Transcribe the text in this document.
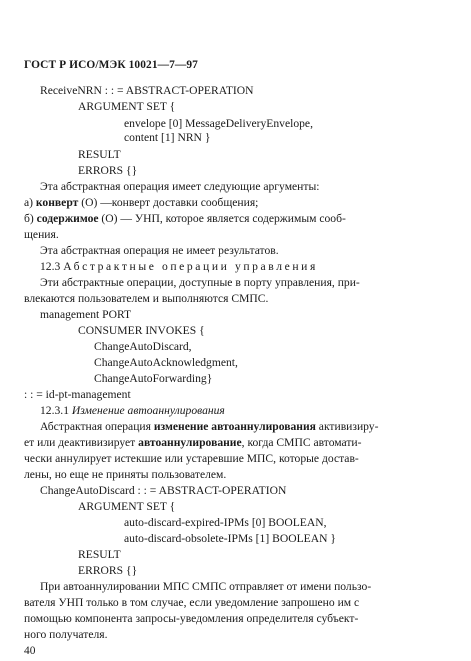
ГОСТ Р ИСО/МЭК 10021—7—97
ReceiveNRN : : = ABSTRACT-OPERATION
ARGUMENT SET {
envelope [0] MessageDeliveryEnvelope,
content [1] NRN }
RESULT
ERRORS {}
Эта абстрактная операция имеет следующие аргументы:
а) конверт (О) —конверт доставки сообщения;
б) содержимое (О) — УНП, которое является содержимым сооб-
щения.
Эта абстрактная операция не имеет результатов.
12.3 Абстрактные операции управления
Эти абстрактные операции, доступные в порту управления, при-
влекаются пользователем и выполняются СМПС.
management PORT
CONSUMER INVOKES {
ChangeAutoDiscard,
ChangeAutoAcknowledgment,
ChangeAutoForwarding}
: : = id-pt-management
12.3.1 Изменение автоаннулирования
Абстрактная операция изменение автоаннулирования активизиру-
ет или деактивизирует автоаннулирование, когда СМПС автомати-
чески аннулирует истекшие или устаревшие МПС, которые достав-
лены, но еще не приняты пользователем.
ChangeAutoDiscard : : = ABSTRACT-OPERATION
ARGUMENT SET {
auto-discard-expired-IPMs [0] BOOLEAN,
auto-discard-obsolete-IPMs [1] BOOLEAN }
RESULT
ERRORS {}
При автоаннулировании МПС СМПС отправляет от имени пользо-
вателя УНП только в том случае, если уведомление запрошено им с
помощью компонента запросы-уведомления определителя субъект-
ного получателя.
40
